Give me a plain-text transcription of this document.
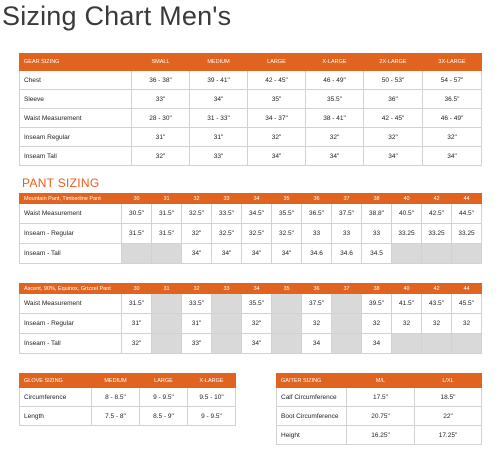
Sizing Chart Men's
GEAR SIZING	SMALL	MEDIUM	LARGE	X-LARGE	2X-LARGE	3X-LARGE
Chest	36 - 38"	39 - 41"	42 - 45"	46 - 49"	50 - 53"	54 - 57"
Sleeve	33"	34"	35"	35.5"	36"	36.5"
Waist Measurement	28 - 30"	31 - 33"	34 - 37"	38 - 41"	42 - 45"	46 - 49"
Inseam Regular	31"	31"	32"	32"	32"	32"
Inseam Tall	32"	33"	34"	34"	34"	34"
PANT SIZING
Mountain Pant, Timberline Pant	30	31	32	33	34	35	36	37	38	40	42	44
Waist Measurement	30.5"	31.5"	32.5"	33.5"	34.5"	35.5"	36.5"	37.5"	38.8"	40.5"	42.5"	44.5"
Inseam - Regular	31.5"	31.5"	32"	32.5"	32.5"	32.5"	33	33	33	33.25	33.25	33.25
Inseam - Tall			34"	34"	34"	34"	34.6	34.6	34.5			
Ascent, 90%, Equinox, Grizzel Pant	30	31	32	33	34	35	36	37	38	40	42	44
Waist Measurement	31.5"		33.5"		35.5"		37.5"		39.5"	41.5"	43.5"	45.5"
Inseam - Regular	31"		31"		32"		32		32	32	32	32
Inseam - Tall	32"		33"		34"		34		34			
GLOVE SIZING	MEDIUM	LARGE	X-LARGE
Circumference	8 - 8.5"	9 - 9.5"	9.5 - 10"
Length	7.5 - 8"	8.5 - 9"	9 - 9.5"
GAITER SIZING	M/L	L/XL
Calf Circumference	17.5"	18.5"
Boot Circumference	20.75"	22"
Height	16.25"	17.25"
